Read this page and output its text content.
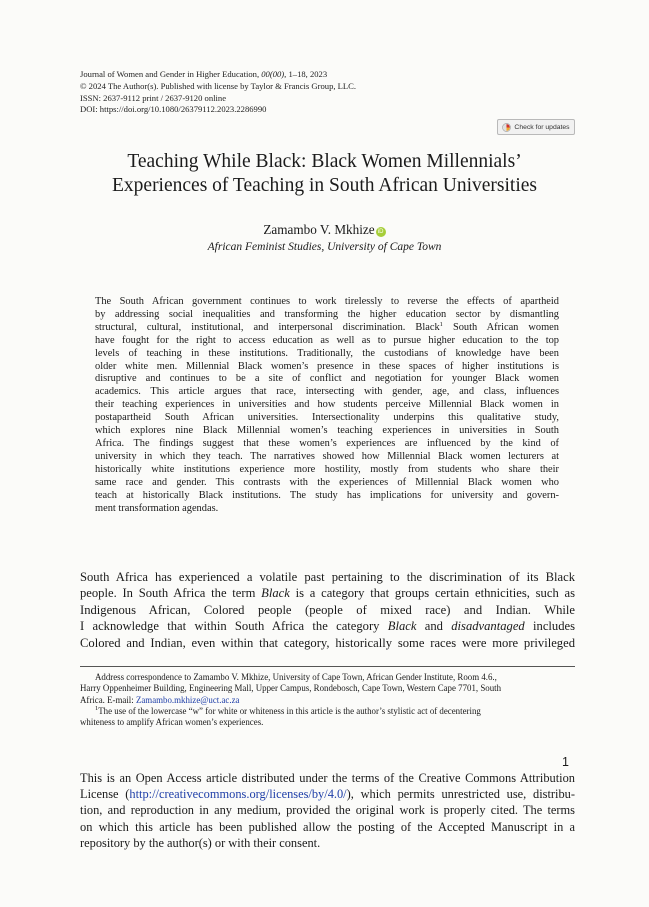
Journal of Women and Gender in Higher Education, 00(00), 1–18, 2023
© 2024 The Author(s). Published with license by Taylor & Francis Group, LLC.
ISSN: 2637-9112 print / 2637-9120 online
DOI: https://doi.org/10.1080/26379112.2023.2286990
Check for updates
Teaching While Black: Black Women Millennials’
Experiences of Teaching in South African Universities
Zamambo V. Mkhize iD
African Feminist Studies, University of Cape Town
The South African government continues to work tirelessly to reverse the effects of apartheid
by addressing social inequalities and transforming the higher education sector by dismantling
structural, cultural, institutional, and interpersonal discrimination. Black$^1$ South African women
have fought for the right to access education as well as to pursue higher education to the top
levels of teaching in these institutions. Traditionally, the custodians of knowledge have been
older white men. Millennial Black women’s presence in these spaces of higher institutions is
disruptive and continues to be a site of conflict and negotiation for younger Black women
academics. This article argues that race, intersecting with gender, age, and class, influences
their teaching experiences in universities and how students perceive Millennial Black women in
postapartheid South African universities. Intersectionality underpins this qualitative study,
which explores nine Black Millennial women’s teaching experiences in universities in South
Africa. The findings suggest that these women’s experiences are influenced by the kind of
university in which they teach. The narratives showed how Millennial Black women lecturers at
historically white institutions experience more hostility, mostly from students who share their
same race and gender. This contrasts with the experiences of Millennial Black women who
teach at historically Black institutions. The study has implications for university and govern-
ment transformation agendas.
South Africa has experienced a volatile past pertaining to the discrimination of its Black
people. In South Africa the term Black is a category that groups certain ethnicities, such as
Indigenous African, Colored people (people of mixed race) and Indian. While
I acknowledge that within South Africa the category Black and disadvantaged includes
Colored and Indian, even within that category, historically some races were more privileged
Address correspondence to Zamambo V. Mkhize, University of Cape Town, African Gender Institute, Room 4.6.,
Harry Oppenheimer Building, Engineering Mall, Upper Campus, Rondebosch, Cape Town, Western Cape 7701, South
Africa. E-mail: Zamambo.mkhize@uct.ac.za
$^1$The use of the lowercase “w” for white or whiteness in this article is the author’s stylistic act of decentering
whiteness to amplify African women’s experiences.
1
This is an Open Access article distributed under the terms of the Creative Commons Attribution
License (http://creativecommons.org/licenses/by/4.0/), which permits unrestricted use, distribu-
tion, and reproduction in any medium, provided the original work is properly cited. The terms
on which this article has been published allow the posting of the Accepted Manuscript in a
repository by the author(s) or with their consent.
